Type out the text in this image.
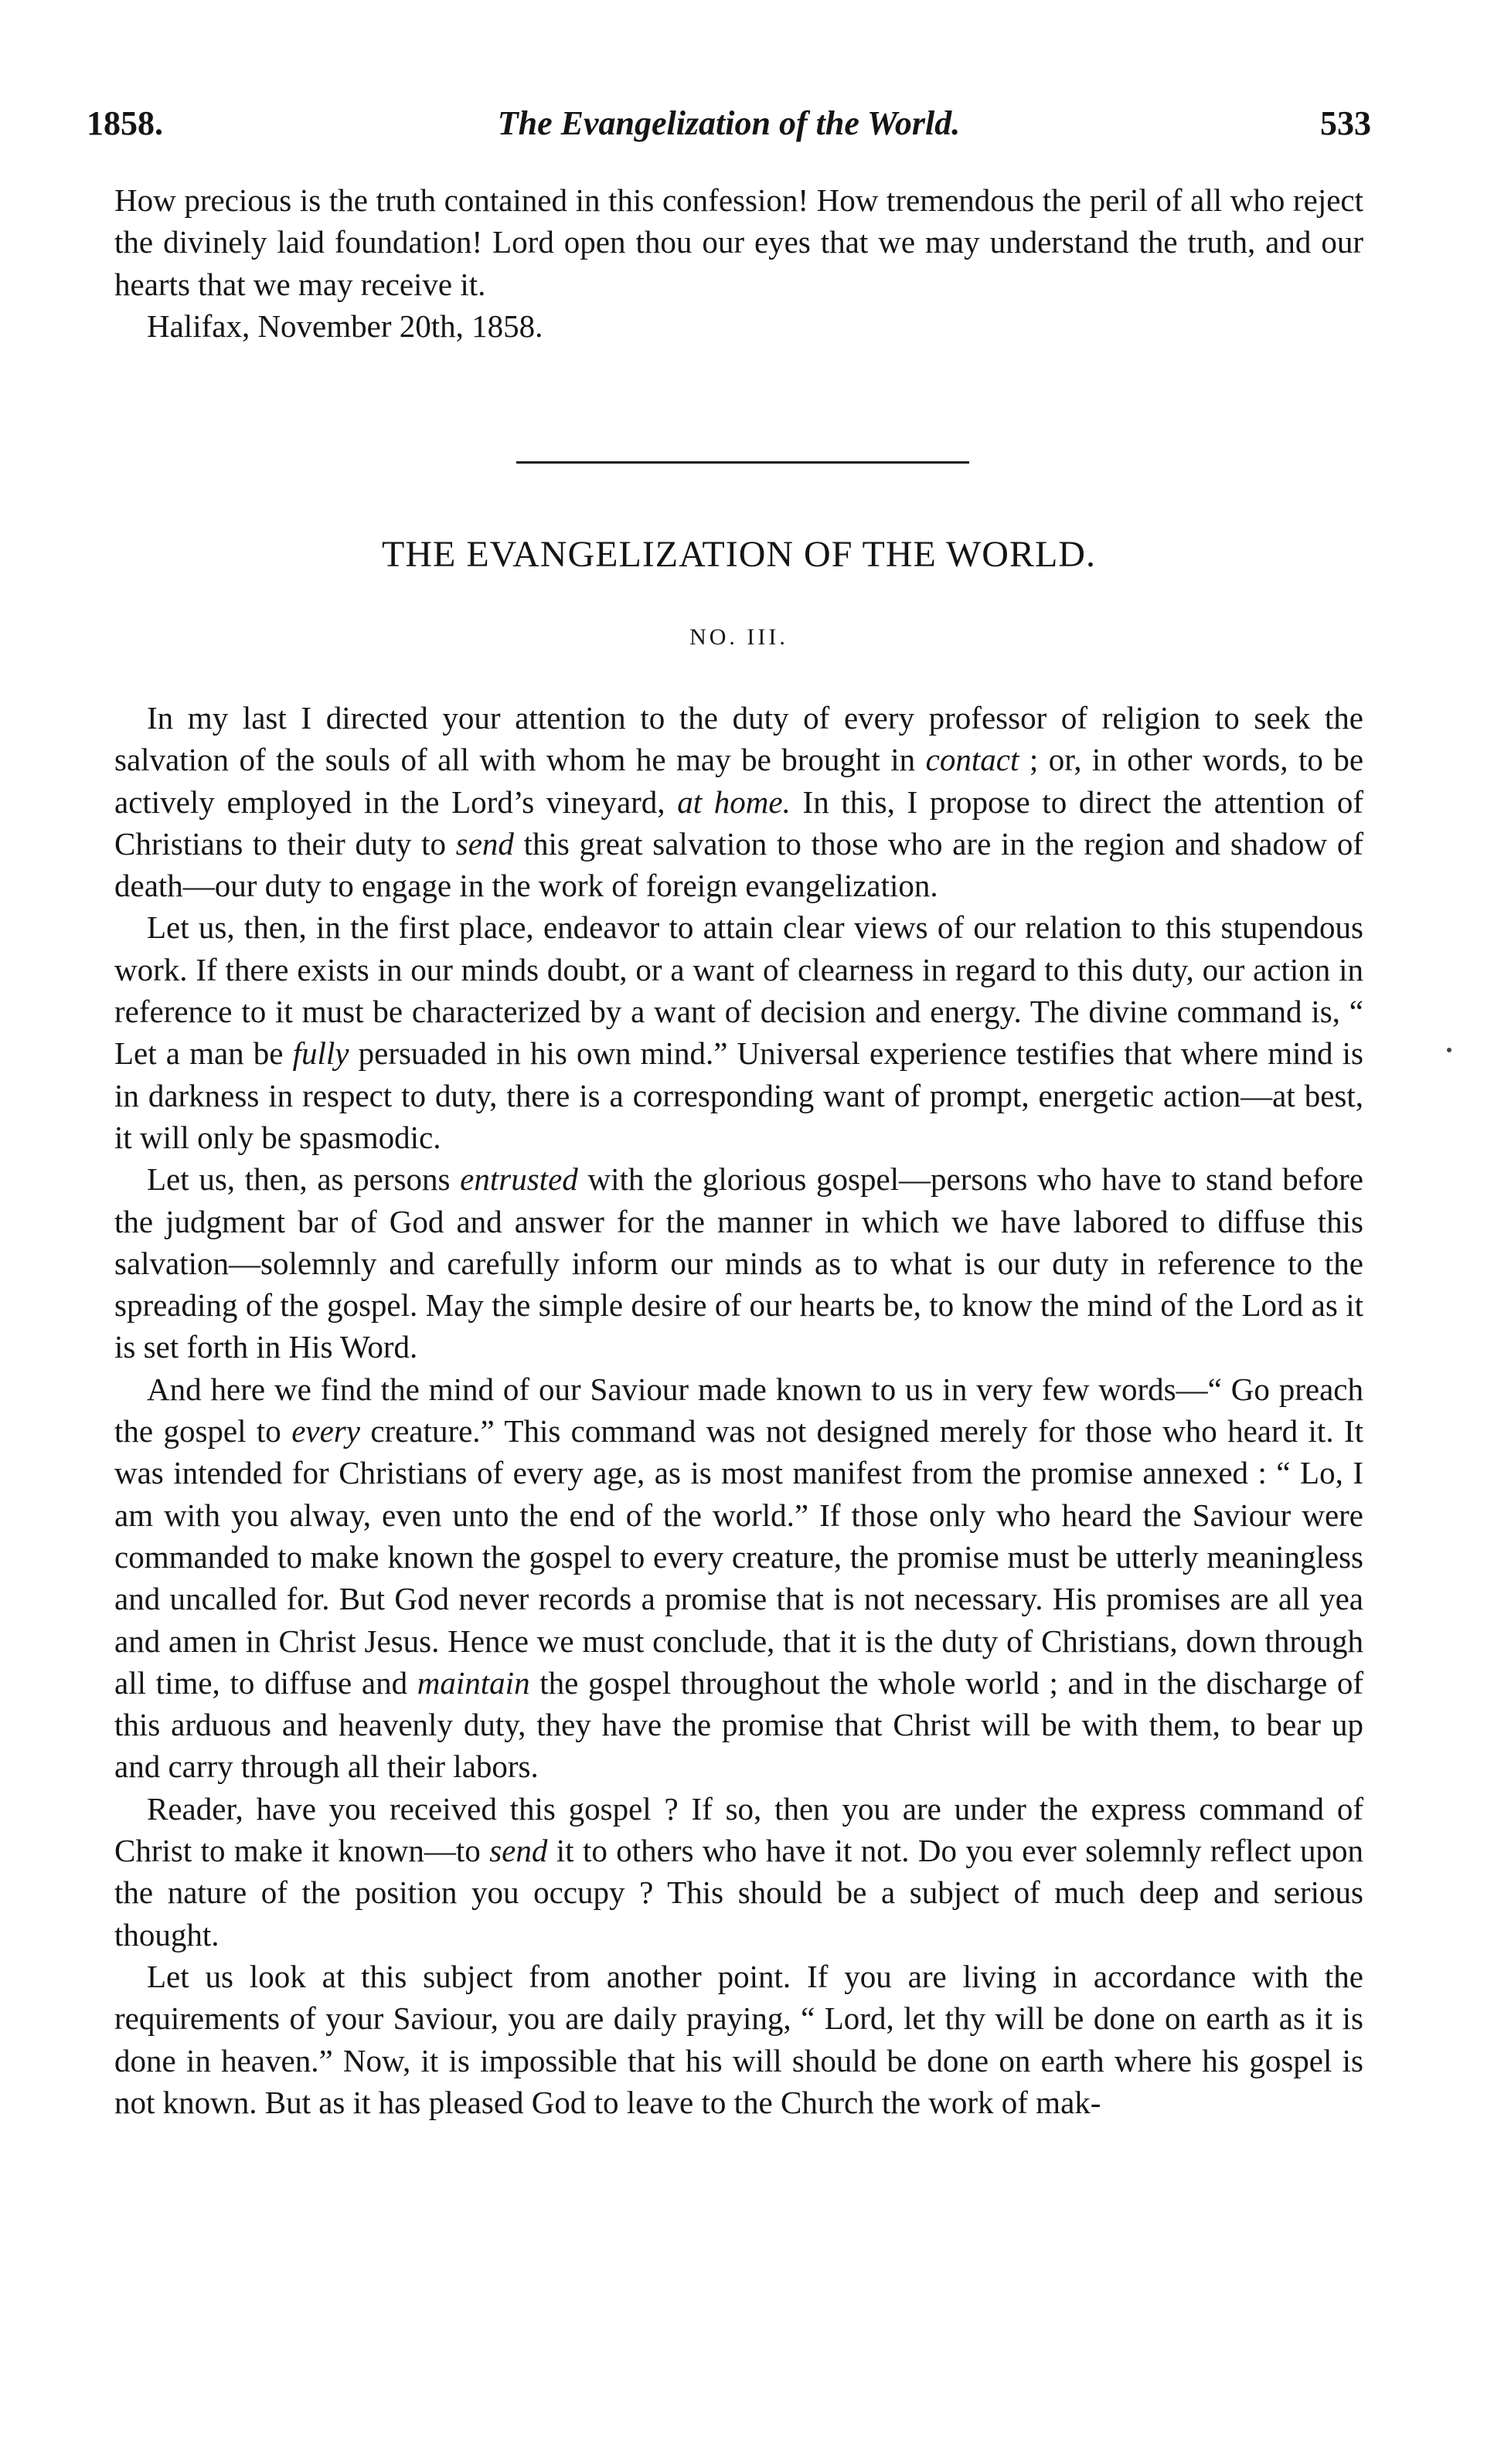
1858.	The Evangelization of the World.	533

How precious is the truth contained in this confession! How tremendous the peril of all who reject the divinely laid foundation! Lord open thou our eyes that we may understand the truth, and our hearts that we may receive it.

Halifax, November 20th, 1858.

THE EVANGELIZATION OF THE WORLD.
NO. III.

In my last I directed your attention to the duty of every professor of religion to seek the salvation of the souls of all with whom he may be brought in contact ; or, in other words, to be actively employed in the Lord’s vineyard, at home. In this, I propose to direct the attention of Christians to their duty to send this great salvation to those who are in the region and shadow of death—our duty to engage in the work of foreign evangelization.

Let us, then, in the first place, endeavor to attain clear views of our relation to this stupendous work. If there exists in our minds doubt, or a want of clearness in regard to this duty, our action in reference to it must be characterized by a want of decision and energy. The divine command is, “ Let a man be fully persuaded in his own mind.” Universal experience testifies that where mind is in darkness in respect to duty, there is a corresponding want of prompt, energetic action—at best, it will only be spasmodic.

Let us, then, as persons entrusted with the glorious gospel—persons who have to stand before the judgment bar of God and answer for the manner in which we have labored to diffuse this salvation—solemnly and carefully inform our minds as to what is our duty in reference to the spreading of the gospel. May the simple desire of our hearts be, to know the mind of the Lord as it is set forth in His Word.

And here we find the mind of our Saviour made known to us in very few words—“ Go preach the gospel to every creature.” This command was not designed merely for those who heard it. It was intended for Christians of every age, as is most manifest from the promise annexed : “ Lo, I am with you alway, even unto the end of the world.” If those only who heard the Saviour were commanded to make known the gospel to every creature, the promise must be utterly meaningless and uncalled for. But God never records a promise that is not necessary. His promises are all yea and amen in Christ Jesus. Hence we must conclude, that it is the duty of Christians, down through all time, to diffuse and maintain the gospel throughout the whole world ; and in the discharge of this arduous and heavenly duty, they have the promise that Christ will be with them, to bear up and carry through all their labors.

Reader, have you received this gospel ? If so, then you are under the express command of Christ to make it known—to send it to others who have it not. Do you ever solemnly reflect upon the nature of the position you occupy ? This should be a subject of much deep and serious thought.

Let us look at this subject from another point. If you are living in accordance with the requirements of your Saviour, you are daily praying, “ Lord, let thy will be done on earth as it is done in heaven.” Now, it is impossible that his will should be done on earth where his gospel is not known. But as it has pleased God to leave to the Church the work of mak-
